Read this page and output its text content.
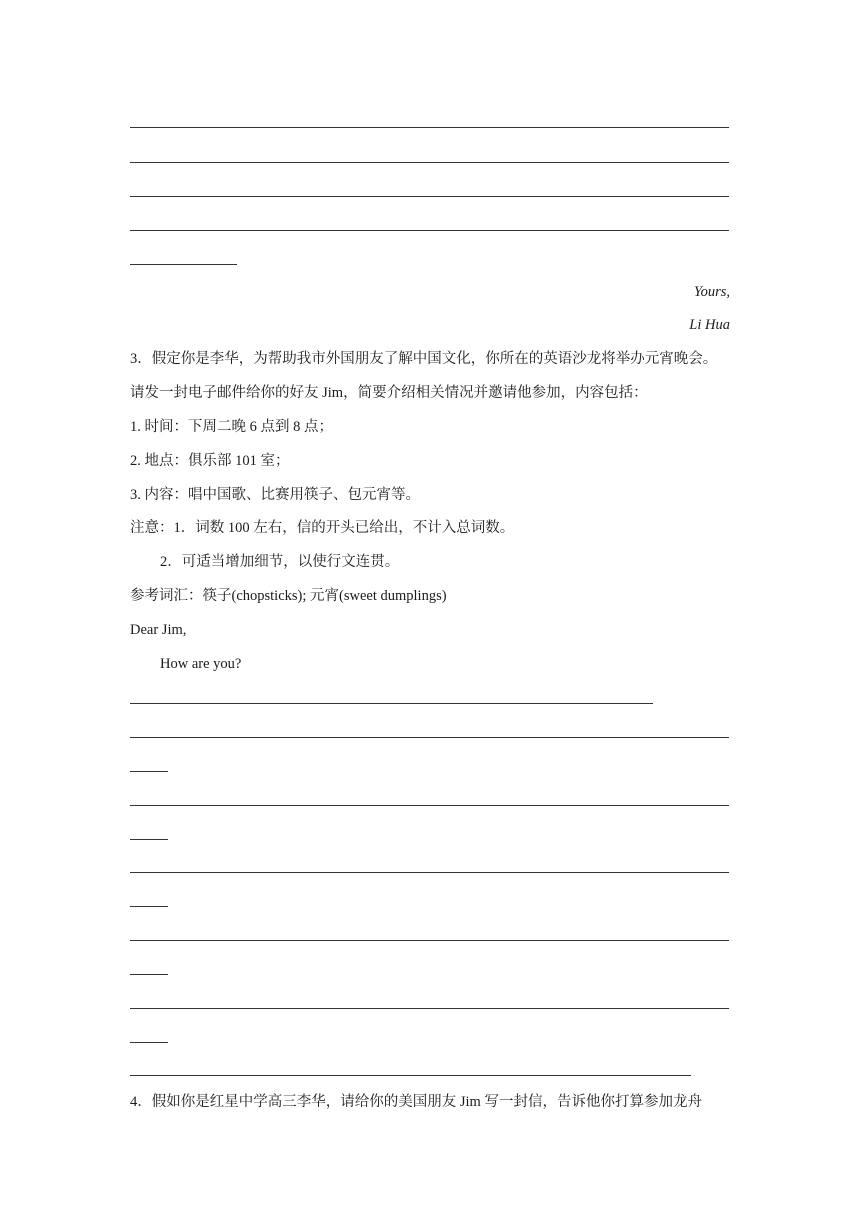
Yours,
Li Hua
3．假定你是李华，为帮助我市外国朋友了解中国文化，你所在的英语沙龙将举办元宵晚会。
请发一封电子邮件给你的好友 Jim，简要介绍相关情况并邀请他参加，内容包括：
1. 时间：下周二晚 6 点到 8 点；
2. 地点：俱乐部 101 室；
3. 内容：唱中国歌、比赛用筷子、包元宵等。
注意：1．词数 100 左右，信的开头已给出，不计入总词数。
2．可适当增加细节，以使行文连贯。
参考词汇：筷子(chopsticks); 元宵(sweet dumplings)
Dear Jim,
How are you?
4．假如你是红星中学高三李华，请给你的美国朋友 Jim 写一封信，告诉他你打算参加龙舟
